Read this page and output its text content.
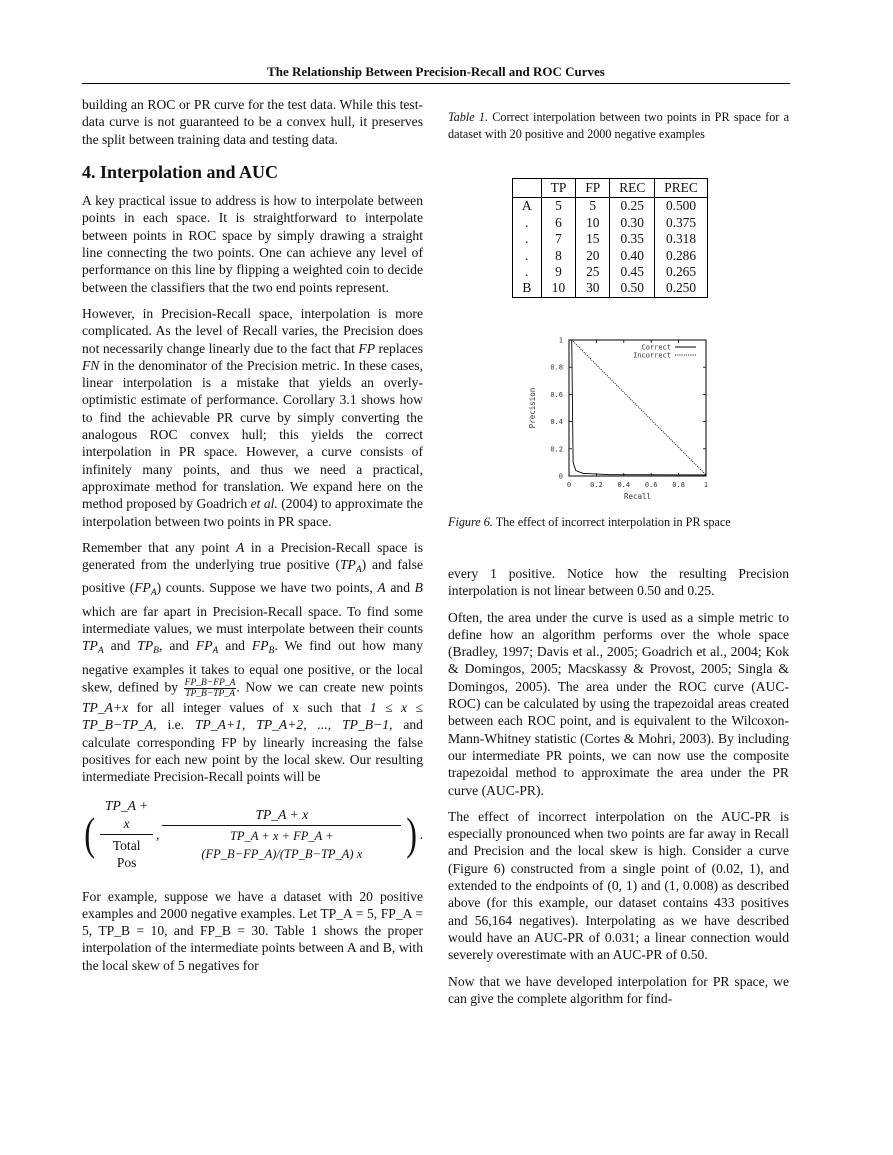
The Relationship Between Precision-Recall and ROC Curves

building an ROC or PR curve for the test data. While this test-data curve is not guaranteed to be a convex hull, it preserves the split between training data and testing data.

4. Interpolation and AUC

A key practical issue to address is how to interpolate between points in each space. It is straightforward to interpolate between points in ROC space by simply drawing a straight line connecting the two points. One can achieve any level of performance on this line by flipping a weighted coin to decide between the classifiers that the two end points represent.

However, in Precision-Recall space, interpolation is more complicated. As the level of Recall varies, the Precision does not necessarily change linearly due to the fact that FP replaces FN in the denominator of the Precision metric. In these cases, linear interpolation is a mistake that yields an overly-optimistic estimate of performance. Corollary 3.1 shows how to find the achievable PR curve by simply converting the analogous ROC convex hull; this yields the correct interpolation in PR space. However, a curve consists of infinitely many points, and thus we need a practical, approximate method for translation. We expand here on the method proposed by Goadrich et al. (2004) to approximate the interpolation between two points in PR space.

Remember that any point A in a Precision-Recall space is generated from the underlying true positive $(TP_A)$ and false positive $(FP_A)$ counts. Suppose we have two points, A and B which are far apart in Precision-Recall space. To find some intermediate values, we must interpolate between their counts $TP_A$ and $TP_B$, and $FP_A$ and $FP_B$. We find out how many negative examples it takes to equal one positive, or the local skew, defined by $\frac{FP\_B-FP\_A}{TP\_B-TP\_A}$ . Now we can create new points TP_A+x for all integer values of x such that 1 ≤ x ≤ TP_B−TP_A, i.e. TP_A+1, TP_A+2, ..., TP_B−1, and calculate corresponding FP by linearly increasing the false positives for each new point by the local skew. Our resulting intermediate Precision-Recall points will be

(
TP_A + x
Total Pos
,
TP_A + x
TP_A + x + FP_A + (FP_B−FP_A)/(TP_B−TP_A) x ) .

For example, suppose we have a dataset with 20 positive examples and 2000 negative examples. Let TP_A = 5, FP_A = 5, TP_B = 10, and FP_B = 30. Table 1 shows the proper interpolation of the intermediate points between A and B, with the local skew of 5 negatives for

Table 1. Correct interpolation between two points in PR space for a dataset with 20 positive and 2000 negative examples
	TP	FP	REC	PREC
A	5	5	0.25	0.500
.	6	10	0.30	0.375
.	7	15	0.35	0.318
.	8	20	0.40	0.286
.	9	25	0.45	0.265
B	10	30	0.50	0.250
0	0.2 0.4 0.6 0.8	1
0
0.2
0.4
0.6
0.8
1
Recall
Precision
Correct
Incorrect
Figure 6. The effect of incorrect interpolation in PR space

every 1 positive. Notice how the resulting Precision interpolation is not linear between 0.50 and 0.25.

Often, the area under the curve is used as a simple metric to define how an algorithm performs over the whole space (Bradley, 1997; Davis et al., 2005; Goadrich et al., 2004; Kok & Domingos, 2005; Macskassy & Provost, 2005; Singla & Domingos, 2005). The area under the ROC curve (AUC-ROC) can be calculated by using the trapezoidal areas created between each ROC point, and is equivalent to the Wilcoxon-Mann-Whitney statistic (Cortes & Mohri, 2003). By including our intermediate PR points, we can now use the composite trapezoidal method to approximate the area under the PR curve (AUC-PR).

The effect of incorrect interpolation on the AUC-PR is especially pronounced when two points are far away in Recall and Precision and the local skew is high. Consider a curve (Figure 6) constructed from a single point of (0.02, 1), and extended to the endpoints of (0, 1) and (1, 0.008) as described above (for this example, our dataset contains 433 positives and 56,164 negatives). Interpolating as we have described would have an AUC-PR of 0.031; a linear connection would severely overestimate with an AUC-PR of 0.50.

Now that we have developed interpolation for PR space, we can give the complete algorithm for find-
